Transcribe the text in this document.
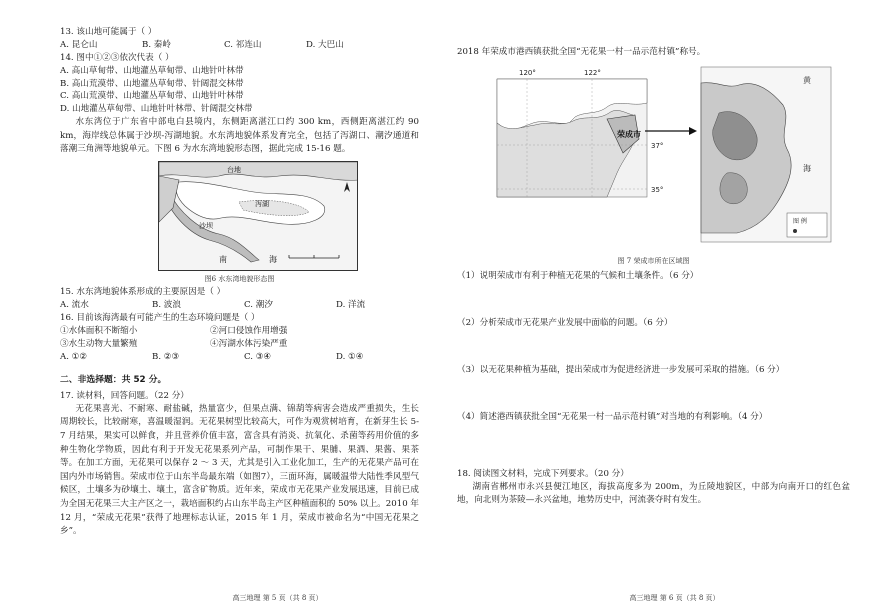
13. 该山地可能属于（ ）

A. 昆仑山	B. 秦岭	C. 祁连山	D. 大巴山

14. 图中①②③依次代表（ ）

A. 高山草甸带、山地灌丛草甸带、山地针叶林带

B. 高山荒漠带、山地灌丛草甸带、针阔混交林带

C. 高山荒漠带、山地灌丛草甸带、山地针叶林带

D. 山地灌丛草甸带、山地针叶林带、针阔混交林带

水东湾位于广东省中部电白县境内，东侧距离湛江口约 300 km，西侧距离湛江约 90 km，海岸线总体属于沙坝-泻湖地貌。水东湾地貌体系发育完全，包括了泻湖口、潮汐通道和落潮三角洲等地貌单元。下图 6 为水东湾地貌形态图，据此完成 15-16 题。

台地
泻湖
沙坝
南	海

图6 水东湾地貌形态图

15. 水东湾地貌体系形成的主要原因是（ ）

A. 流水	B. 波浪	C. 潮汐	D. 洋流

16. 目前该海湾最有可能产生的生态环境问题是（ ）

①水体面积不断缩小	②河口侵蚀作用增强
③水生动物大量繁殖	④泻湖水体污染严重
A. ①②	B. ②③	C. ③④	D. ①④

二、非选择题：共 52 分。

17. 读材料，回答问题。（22 分）

无花果喜光、不耐寒、耐盐碱，热量富少，但果点满、锦葫等病害会造成严重损失，生长周期较长，比较耐寒，喜温暖湿润。无花果树型比较高大，可作为观赏树培育，在新芽生长 5-7 月结果，果实可以鲜食，并且营养价值丰富，富含具有消炎、抗氧化、杀菌等药用价值的多种生物化学物质，因此有利于开发无花果系列产品，可制作果干、果脯、果酒、果酱、果茶等。在加工方面，无花果可以保存 2 ～ 3 天，尤其是引入工业化加工，生产的无花果产品可在国内外市场销售。荣成市位于山东半岛最东端（如图7），三面环海，属暖温带大陆性季风型气候区，土壤多为砂壤土、壤土，富含矿物质。近年来，荣成市无花果产业发展迅速，目前已成为全国无花果三大主产区之一，栽培面积约占山东半岛主产区种植面积的 50% 以上。2010 年 12 月，“荣成无花果”获得了地理标志认证，2015 年 1 月，荣成市被命名为“中国无花果之乡”。

高三地理 第 5 页（共 8 页）

2018 年荣成市港西镇获批全国“无花果一村一品示范村镇”称号。

120°	122°
37°
35°
荣成市
黄
海
图 例

图 7 荣成市所在区域图

（1）说明荣成市有利于种植无花果的气候和土壤条件。（6 分）

（2）分析荣成市无花果产业发展中面临的问题。（6 分）

（3）以无花果种植为基础，提出荣成市为促进经济进一步发展可采取的措施。（6 分）

（4）简述港西镇获批全国“无花果一村一品示范村镇”对当地的有利影响。（4 分）

18. 阅读图文材料，完成下列要求。（20 分）

湖南省郴州市永兴县便江地区，海拔高度多为 200m，为丘陵地貌区，中部为向南开口的红色盆地，向北则为茶陵—永兴盆地，地势历史中，河流袭夺时有发生。

高三地理 第 6 页（共 8 页）
